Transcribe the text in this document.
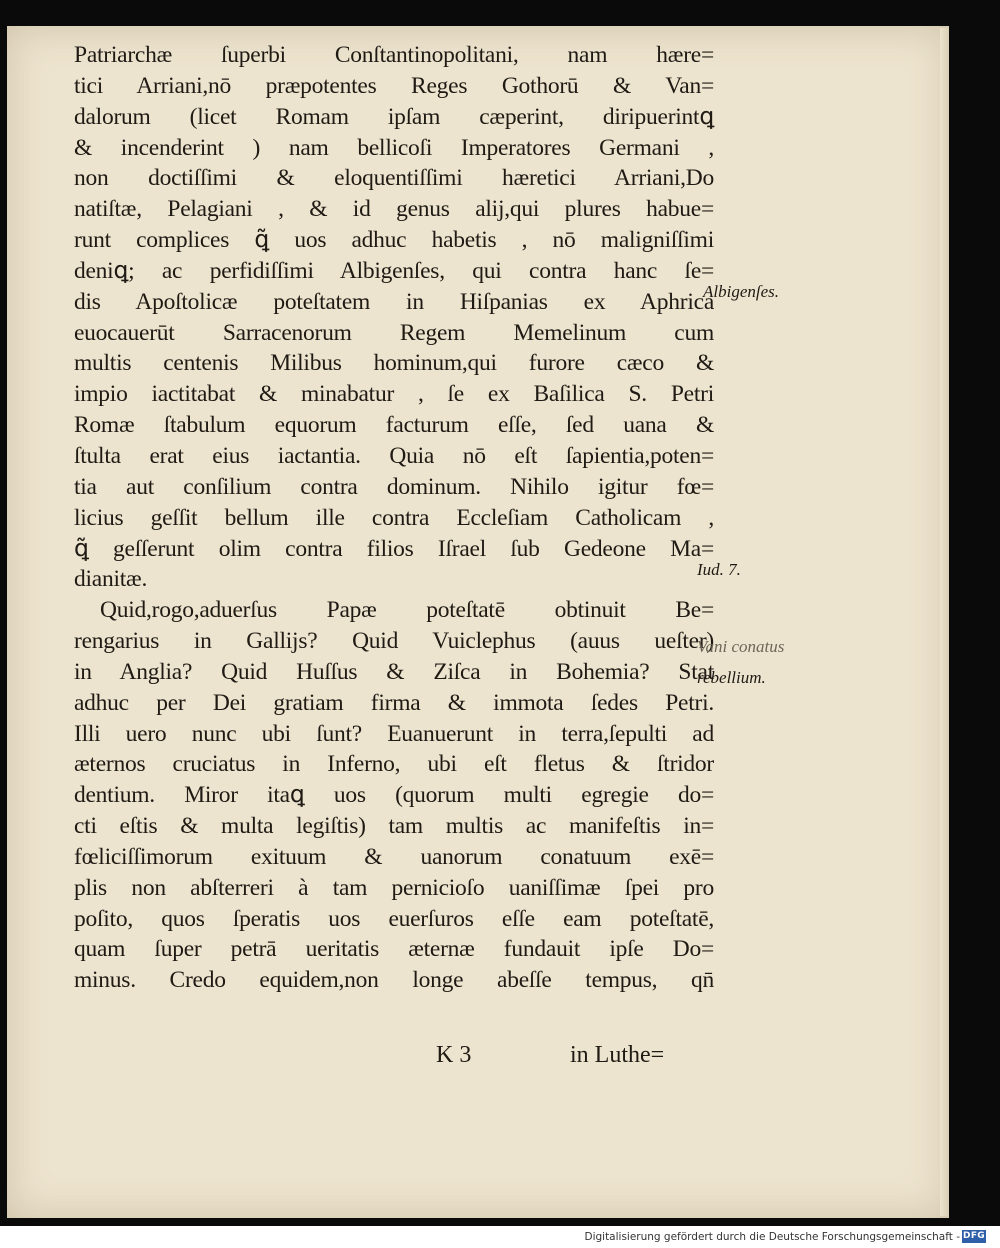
Patriarchæ ſuperbi Conſtantinopolitani, nam hære=
tici Arriani,nō præpotentes Reges Gothorū & Van=
dalorum (licet Romam ipſam cæperint, diripuerintꝗ
& incenderint ) nam bellicoſi Imperatores Germani ,
non doctiſſimi & eloquentiſſimi hæretici Arriani,Do
natiſtæ, Pelagiani , & id genus alij,qui plures habue=
runt complices ꝗ̃ uos adhuc habetis , nō maligniſſimi
deniꝗ; ac perfidiſſimi Albigenſes, qui contra hanc ſe=
dis Apoſtolicæ poteſtatem in Hiſpanias ex Aphrica
euocauerūt Sarracenorum Regem Memelinum cum
multis centenis Milibus hominum,qui furore cæco &
impio iactitabat & minabatur , ſe ex Baſilica S. Petri
Romæ ſtabulum equorum facturum eſſe, ſed uana &
ſtulta erat eius iactantia. Quia nō eſt ſapientia,poten=
tia aut conſilium contra dominum. Nihilo igitur fœ=
licius geſſit bellum ille contra Eccleſiam Catholicam ,
ꝗ̃ geſſerunt olim contra filios Iſrael ſub Gedeone Ma=
dianitæ.
Quid,rogo,aduerſus Papæ poteſtatē obtinuit Be=
rengarius in Gallijs? Quid Vuiclephus (auus ueſter)
in Anglia? Quid Huſſus & Ziſca in Bohemia? Stat
adhuc per Dei gratiam firma & immota ſedes Petri.
Illi uero nunc ubi ſunt? Euanuerunt in terra,ſepulti ad
æternos cruciatus in Inferno, ubi eſt fletus & ſtridor
dentium. Miror itaꝗ uos (quorum multi egregie do=
cti eſtis & multa legiſtis) tam multis ac manifeſtis in=
fœliciſſimorum exituum & uanorum conatuum exē=
plis non abſterreri à tam pernicioſo uaniſſimæ ſpei pro
poſito, quos ſperatis uos euerſuros eſſe eam poteſtatē,
quam ſuper petrā ueritatis æternæ fundauit ipſe Do=
minus. Credo equidem,non longe abeſſe tempus, qn̄
K 3	in Luthe=
Albigenſes.
Iud. 7.
Vani conatus
rebellium.
Digitalisierung gefördert durch die Deutsche Forschungsgemeinschaft - DFG
